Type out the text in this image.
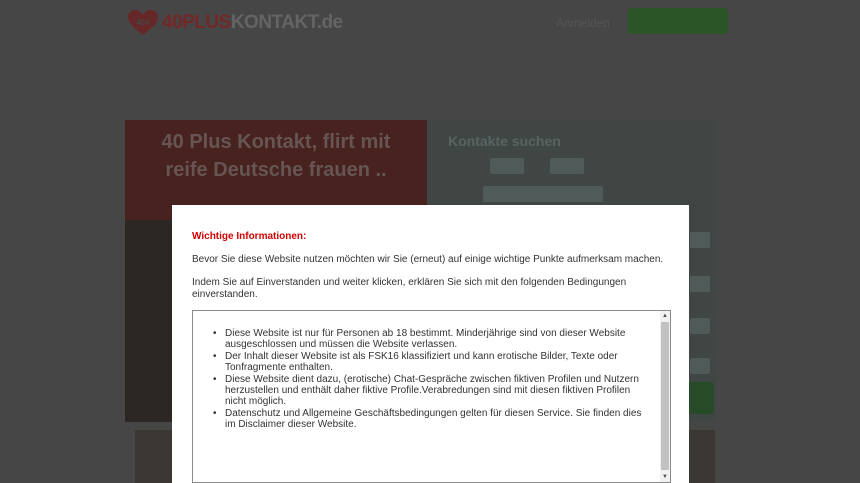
40+ 40PLUSKONTAKT.de	Anmelden
40 Plus Kontakt, flirt mit
reife Deutsche frauen ..
Kontakte suchen
Wichtige Informationen:
Bevor Sie diese Website nutzen möchten wir Sie (erneut) auf einige wichtige Punkte aufmerksam machen.
Indem Sie auf Einverstanden und weiter klicken, erklären Sie sich mit den folgenden Bedingungen einverstanden.
• Diese Website ist nur für Personen ab 18 bestimmt. Minderjährige sind von dieser Website ausgeschlossen und müssen die Website verlassen.
• Der Inhalt dieser Website ist als FSK16 klassifiziert und kann erotische Bilder, Texte oder Tonfragmente enthalten.
• Diese Website dient dazu, (erotische) Chat-Gespräche zwischen fiktiven Profilen und Nutzern herzustellen und enthält daher fiktive Profile.Verabredungen sind mit diesen fiktiven Profilen nicht möglich.
• Datenschutz und Allgemeine Geschäftsbedingungen gelten für diesen Service. Sie finden dies im Disclaimer dieser Website.
▲
▼
